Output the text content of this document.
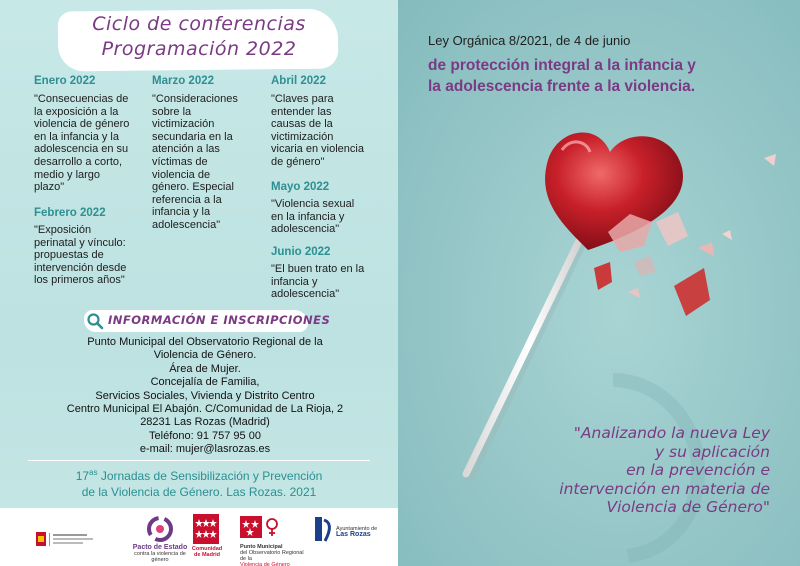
Ciclo de conferencias
Programación 2022
Enero 2022
"Consecuencias de
la exposición a la
violencia de género
en la infancia y la
adolescencia en su
desarrollo a corto,
medio y largo
plazo"
Febrero 2022
"Exposición
perinatal y vínculo:
propuestas de
intervención desde
los primeros años"
Marzo 2022
"Consideraciones
sobre la
victimización
secundaria en la
atención a las
víctimas de
violencia de
género. Especial
referencia a la
infancia y la
adolescencia"
Abril 2022
"Claves para
entender las
causas de la
victimización
vicaria en violencia
de género"
Mayo 2022
"Violencia sexual
en la infancia y
adolescencia"
Junio 2022
"El buen trato en la
infancia y
adolescencia"
INFORMACIÓN E INSCRIPCIONES
Punto Municipal del Observatorio Regional de la
Violencia de Género.
Área de Mujer.
Concejalía de Familia,
Servicios Sociales, Vivienda y Distrito Centro
Centro Municipal El Abajón. C/Comunidad de La Rioja, 2
28231 Las Rozas (Madrid)
Teléfono: 91 757 95 00
e-mail: mujer@lasrozas.es
$17^{as}$ Jornadas de Sensibilización y Prevención
de la Violencia de Género. Las Rozas. 2021
Pacto de Estado
contra la violencia de género
Comunidad
de Madrid
Punto Municipal
del Observatorio Regional de la
Violencia de Género
Ayuntamiento de
Las Rozas
Ley Orgánica 8/2021, de 4 de junio
de protección integral a la infancia y
la adolescencia frente a la violencia.
"Analizando la nueva Ley
y su aplicación
en la prevención e
intervención en materia de
Violencia de Género"
